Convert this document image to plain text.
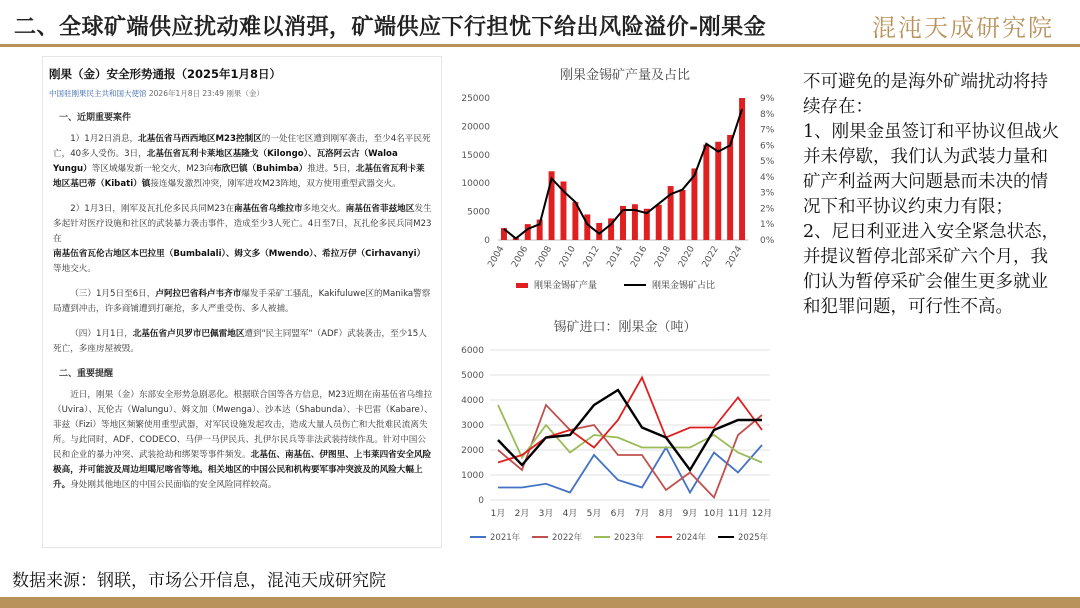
二、全球矿端供应扰动难以消弭，矿端供应下行担忧下给出风险溢价-刚果金	混沌天成研究院
刚果（金）安全形势通报（2025年1月8日）
中国驻刚果民主共和国大使馆 2026年1月8日 23:49 刚果（金）
一、近期重要案件

1）1月2日消息，北基伍省马西西地区M23控制区的一处住宅区遭到刚军袭击，至少4名平民死亡，40多人受伤。3日，北基伍省瓦利卡莱地区基隆戈（Kilongo）、瓦洛阿云古（Waloa Yungu）等区域爆发新一轮交火，M23向布欣巴镇（Buhimba）推进。5日，北基伍省瓦利卡莱地区基巴蒂（Kibati）镇接连爆发激烈冲突，刚军进攻M23阵地，双方使用重型武器交火。

2）1月3日，刚军及瓦扎伦多民兵同M23在南基伍省乌维拉市多地交火。南基伍省菲兹地区发生多起针对医疗设施和社区的武装暴力袭击事件，造成至少3人死亡。4日至7日，瓦扎伦多民兵同M23在南基伍省瓦伦古地区本巴拉里（Bumbalali）、姆文多（Mwendo）、希拉万伊（Cirhavanyi）等地交火。

（三）1月5日至6日，卢阿拉巴省科卢韦齐市爆发手采矿工骚乱，Kakifuluwe区的Manika警察局遭到冲击，许多商铺遭到打砸抢，多人严重受伤、多人被捕。

（四）1月1日，北基伍省卢贝罗市巴佩雷地区遭到"民主同盟军"（ADF）武装袭击，至少15人死亡，多座房屋被毁。

二、重要提醒

近日，刚果（金）东部安全形势急剧恶化。根据联合国等各方信息，M23近期在南基伍省乌维拉（Uvira）、瓦伦古（Walungu）、姆文加（Mwenga）、沙本达（Shabunda）、卡巴雷（Kabare）、菲兹（Fizi）等地区频繁使用重型武器，对军民设施发起攻击，造成大量人员伤亡和大批难民流离失所。与此同时，ADF、CODECO、马伊一马伊民兵、扎伊尔民兵等非法武装持续作乱。针对中国公民和企业的暴力冲突、武装抢劫和绑架等事件频发。北基伍、南基伍、伊图里、上韦莱四省安全风险极高，并可能波及周边坦噶尼喀省等地。相关地区的中国公民和机构要军事冲突波及的风险大幅上升。身处刚其他地区的中国公民面临的安全风险同样较高。

刚果金锡矿产量及占比
0
5000
10000
15000
20000
25000
0%
1%
2%
3%
4%
5%
6%
7%
8%
9%
2004 2006 2008 2010 2012 2014 2016 2018 2020 2022 2024
刚果金锡矿产量	刚果金锡矿占比
锡矿进口：刚果金（吨）
0
1000
2000
3000
4000
5000
6000
1月 2月 3月 4月 5月 6月 7月 8月 9月 10月 11月 12月
2021年	2022年	2023年	2024年	2025年

不可避免的是海外矿端扰动将持续存在：

1、刚果金虽签订和平协议但战火并未停歇，我们认为武装力量和矿产利益两大问题悬而未决的情况下和平协议约束力有限；

2、尼日利亚进入安全紧急状态，并提议暂停北部采矿六个月，我们认为暂停采矿会催生更多就业和犯罪问题，可行性不高。

数据来源：钢联，市场公开信息，混沌天成研究院
